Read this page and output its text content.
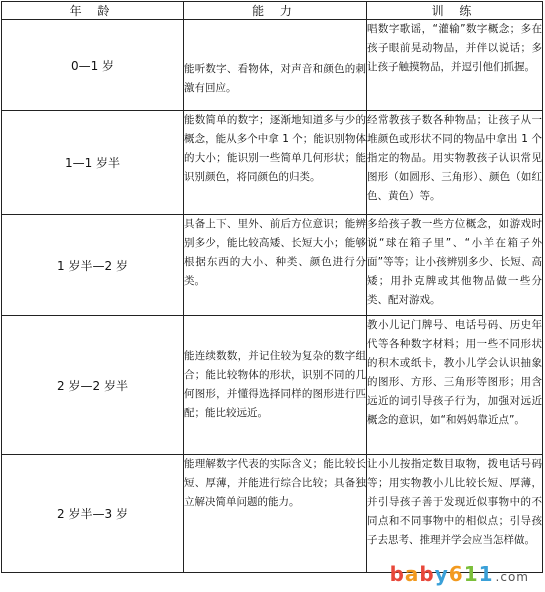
年 龄	能 力	训 练
0—1 岁	能听数字、看物体，对声音和颜色的刺激有回应。	唱数字歌谣，“灌输”数字概念；多在孩子眼前晃动物品，并伴以说话；多让孩子触摸物品，并逗引他们抓握。
1—1 岁半	能数简单的数字；逐渐地知道多与少的概念，能从多个中拿 1 个；能识别物体的大小；能识别一些简单几何形状；能识别颜色，将同颜色的归类。	经常教孩子数各种物品；让孩子从一堆颜色或形状不同的物品中拿出 1 个指定的物品。用实物教孩子认识常见图形（如圆形、三角形）、颜色（如红色、黄色）等。
1 岁半—2 岁	具备上下、里外、前后方位意识；能辨别多少，能比较高矮、长短大小；能够根据东西的大小、种类、颜色进行分类。	多给孩子教一些方位概念，如游戏时说“球在箱子里”、“小羊在箱子外面”等等；让小孩辨别多少、长短、高矮；用扑克牌或其他物品做一些分类、配对游戏。
2 岁—2 岁半	能连续数数，并记住较为复杂的数字组合；能比较物体的形状，识别不同的几何图形，并懂得选择同样的图形进行匹配；能比较远近。	教小儿记门牌号、电话号码、历史年代等各种数字材料；用一些不同形状的积木或纸卡，教小儿学会认识抽象的图形、方形、三角形等图形；用含远近的词引导孩子行为，加强对远近概念的意识，如“和妈妈靠近点”。
2 岁半—3 岁	能理解数字代表的实际含义；能比较长短、厚薄，并能进行综合比较；具备独立解决简单问题的能力。	让小儿按指定数目取物，拨电话号码等；用实物教小儿比较长短、厚薄，并引导孩子善于发现近似事物中的不同点和不同事物中的相似点；引导孩子去思考、推理并学会应当怎样做。
baby611 .com
